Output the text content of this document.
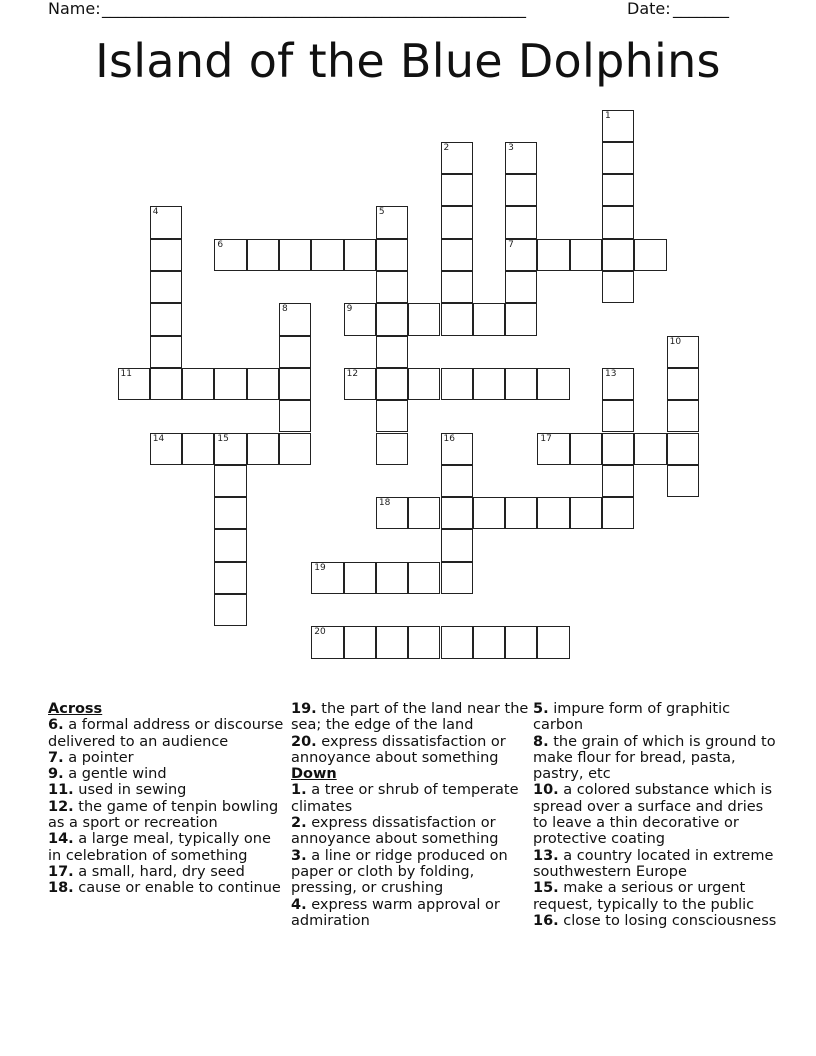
Name: _____________________________________________________	Date: _______
Island of the Blue Dolphins
6	7
9
11	12
14	15	17
18
19
20
1
2	3
4	5
8
10
13
16
Across
6. a formal address or discourse delivered to an audience
7. a pointer
9. a gentle wind
11. used in sewing
12. the game of tenpin bowling as a sport or recreation
14. a large meal, typically one in celebration of something
17. a small, hard, dry seed
18. cause or enable to continue
19. the part of the land near the sea; the edge of the land
20. express dissatisfaction or annoyance about something
Down
1. a tree or shrub of temperate climates
2. express dissatisfaction or annoyance about something
3. a line or ridge produced on paper or cloth by folding, pressing, or crushing
4. express warm approval or admiration
5. impure form of graphitic carbon
8. the grain of which is ground to make flour for bread, pasta, pastry, etc
10. a colored substance which is spread over a surface and dries to leave a thin decorative or protective coating
13. a country located in extreme southwestern Europe
15. make a serious or urgent request, typically to the public
16. close to losing consciousness
